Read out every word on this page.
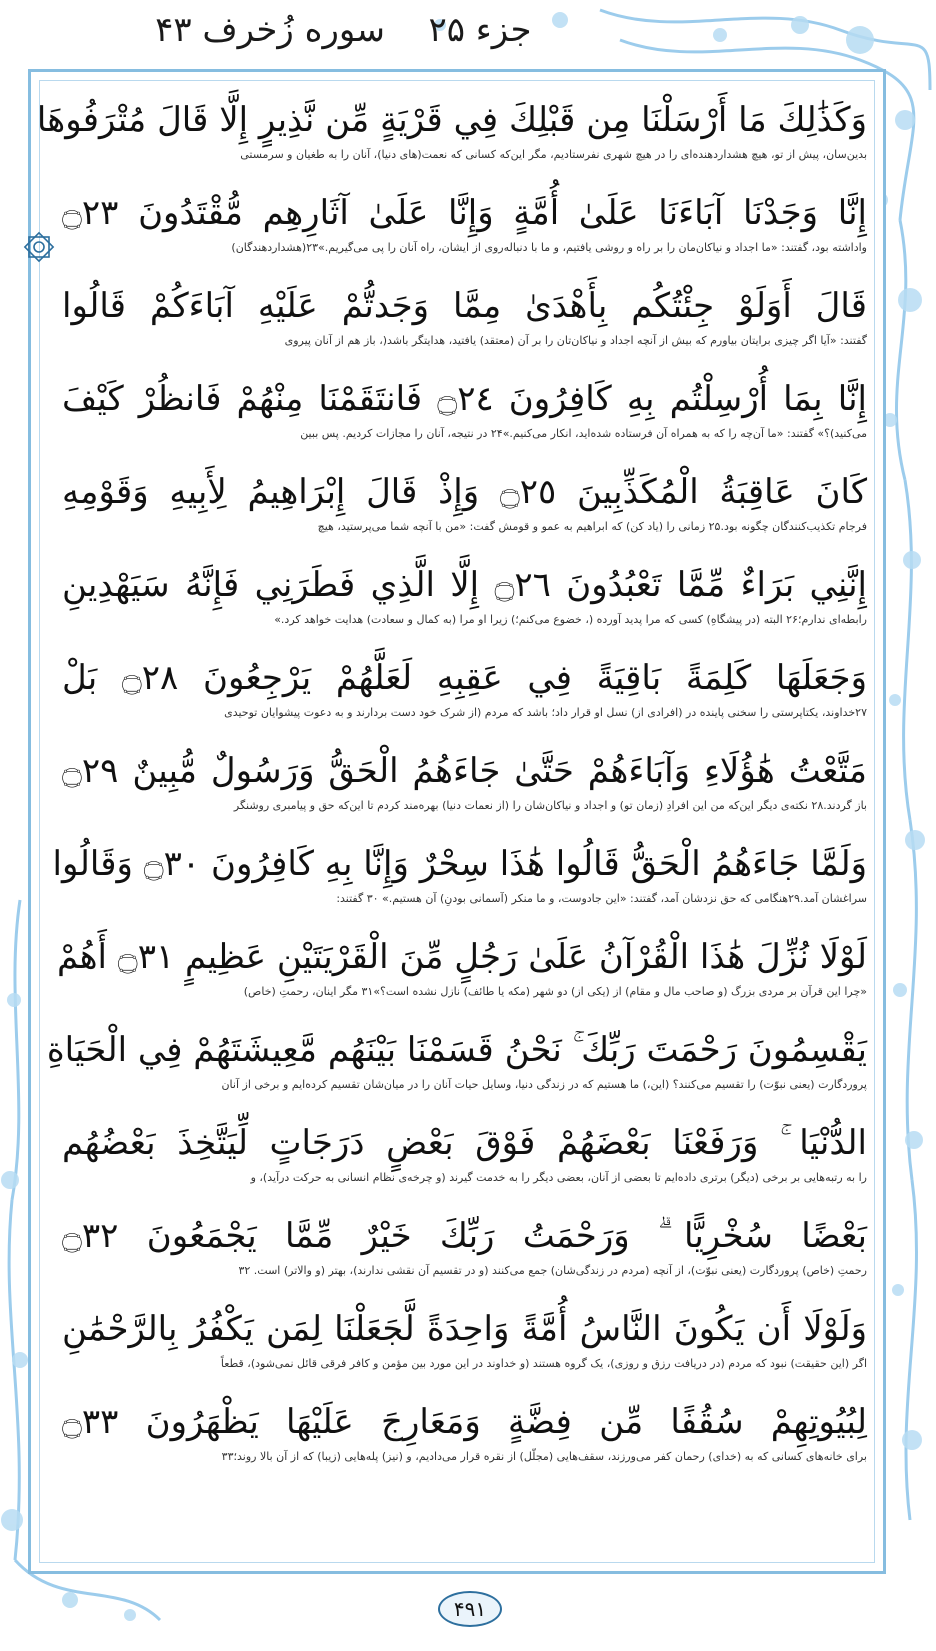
جزء ۲۵
سوره زُخرف ۴۳
وَكَذَٰلِكَ مَا أَرْسَلْنَا مِن قَبْلِكَ فِي قَرْيَةٍ مِّن نَّذِيرٍ إِلَّا قَالَ مُتْرَفُوهَا
بدین‌سان، پیش از تو، هیچ هشداردهنده‌ای را در هیچ شهری نفرستادیم، مگر این‌که کسانی که نعمت(های دنیا)، آنان را به طغیان و سرمستی
إِنَّا وَجَدْنَا آبَاءَنَا عَلَىٰ أُمَّةٍ وَإِنَّا عَلَىٰ آثَارِهِم مُّقْتَدُونَ ۝٢٣
واداشته بود، گفتند: «ما اجداد و نیاکان‌مان را بر راه و روشی یافتیم، و ما با دنباله‌روی از ایشان، راه آنان را پی می‌گیریم.»۲۳(هشداردهندگان)
قَالَ أَوَلَوْ جِئْتُكُم بِأَهْدَىٰ مِمَّا وَجَدتُّمْ عَلَيْهِ آبَاءَكُمْ قَالُوا
گفتند: «آیا اگر چیزی برایتان بیاورم که بیش از آنچه اجداد و نیاکان‌تان را بر آن (معتقد) یافتید، هدایتگر باشد(، باز هم از آنان پیروی
إِنَّا بِمَا أُرْسِلْتُم بِهِ كَافِرُونَ ۝٢٤ فَانتَقَمْنَا مِنْهُمْ فَانظُرْ كَيْفَ
می‌کنید)؟» گفتند: «ما آن‌چه را که به همراه آن فرستاده شده‌اید، انکار می‌کنیم.»۲۴ در نتیجه، آنان را مجازات کردیم. پس ببین
كَانَ عَاقِبَةُ الْمُكَذِّبِينَ ۝٢٥ وَإِذْ قَالَ إِبْرَاهِيمُ لِأَبِيهِ وَقَوْمِهِ
فرجام تکذیب‌کنندگان چگونه بود.۲۵ زمانی را (یاد کن) که ابراهیم به عمو و قومش گفت: «من با آنچه شما می‌پرستید، هیچ
إِنَّنِي بَرَاءٌ مِّمَّا تَعْبُدُونَ ۝٢٦ إِلَّا الَّذِي فَطَرَنِي فَإِنَّهُ سَيَهْدِينِ
رابطه‌ای ندارم؛۲۶ البته (در پیشگاهِ) کسی که مرا پدید آورده (، خضوع می‌کنم؛) زیرا او مرا (به کمال و سعادت) هدایت خواهد کرد.»
وَجَعَلَهَا كَلِمَةً بَاقِيَةً فِي عَقِبِهِ لَعَلَّهُمْ يَرْجِعُونَ ۝٢٨ بَلْ
۲۷خداوند، یکتاپرستی را سخنی پاینده در (افرادی از) نسل او قرار داد؛ باشد که مردم (از شرک خود دست بردارند و به دعوت پیشوایان توحیدی
مَتَّعْتُ هَٰؤُلَاءِ وَآبَاءَهُمْ حَتَّىٰ جَاءَهُمُ الْحَقُّ وَرَسُولٌ مُّبِينٌ ۝٢٩
باز گردند.۲۸ نکته‌ی دیگر این‌که من این افرادِ (زمان تو) و اجداد و نیاکان‌شان را (از نعمات دنیا) بهره‌مند کردم تا این‌که حق و پیامبری روشنگر
وَلَمَّا جَاءَهُمُ الْحَقُّ قَالُوا هَٰذَا سِحْرٌ وَإِنَّا بِهِ كَافِرُونَ ۝٣٠ وَقَالُوا
سراغشان آمد.۲۹هنگامی که حق نزدشان آمد، گفتند: «این جادوست، و ما منکر (آسمانی بودنِ) آن هستیم.» ۳۰ گفتند:
لَوْلَا نُزِّلَ هَٰذَا الْقُرْآنُ عَلَىٰ رَجُلٍ مِّنَ الْقَرْيَتَيْنِ عَظِيمٍ ۝٣١ أَهُمْ
«چرا این قرآن بر مردی بزرگ (و صاحب مال و مقام) از (یکی از) دو شهر (مکه یا طائف) نازل نشده است؟»۳۱ مگر اینان، رحمتِ (خاص)
يَقْسِمُونَ رَحْمَتَ رَبِّكَ ۚ نَحْنُ قَسَمْنَا بَيْنَهُم مَّعِيشَتَهُمْ فِي الْحَيَاةِ
پروردگارت (یعنی نبوّت) را تقسیم می‌کنند؟ (این،) ما هستیم که در زندگی دنیا، وسایل حیات آنان را در میان‌شان تقسیم کرده‌ایم و برخی از آنان
الدُّنْيَا ۚ وَرَفَعْنَا بَعْضَهُمْ فَوْقَ بَعْضٍ دَرَجَاتٍ لِّيَتَّخِذَ بَعْضُهُم
را به رتبه‌هایی بر برخی (دیگر) برتری داده‌ایم تا بعضی از آنان، بعضی دیگر را به خدمت گیرند (و چرخه‌ی نظام انسانی به حرکت درآید)، و
بَعْضًا سُخْرِيًّا ۗ وَرَحْمَتُ رَبِّكَ خَيْرٌ مِّمَّا يَجْمَعُونَ ۝٣٢
رحمتِ (خاص) پروردگارت (یعنی نبوّت)، از آنچه (مردم در زندگی‌شان) جمع می‌کنند (و در تقسیم آن نقشی ندارند)، بهتر (و والاتر) است. ۳۲
وَلَوْلَا أَن يَكُونَ النَّاسُ أُمَّةً وَاحِدَةً لَّجَعَلْنَا لِمَن يَكْفُرُ بِالرَّحْمَٰنِ
اگر (این حقیقت) نبود که مردم (در دریافت رزق و روزی)، یک گروه هستند (و خداوند در این مورد بین مؤمن و کافر فرقی قائل نمی‌شود)، قطعاً
لِبُيُوتِهِمْ سُقُفًا مِّن فِضَّةٍ وَمَعَارِجَ عَلَيْهَا يَظْهَرُونَ ۝٣٣
برای خانه‌های کسانی که به (خدای) رحمان کفر می‌ورزند، سقف‌هایی (مجلّل) از نقره قرار می‌دادیم، و (نیز) پله‌هایی (زیبا) که از آن بالا روند؛۳۳
۴۹۱
